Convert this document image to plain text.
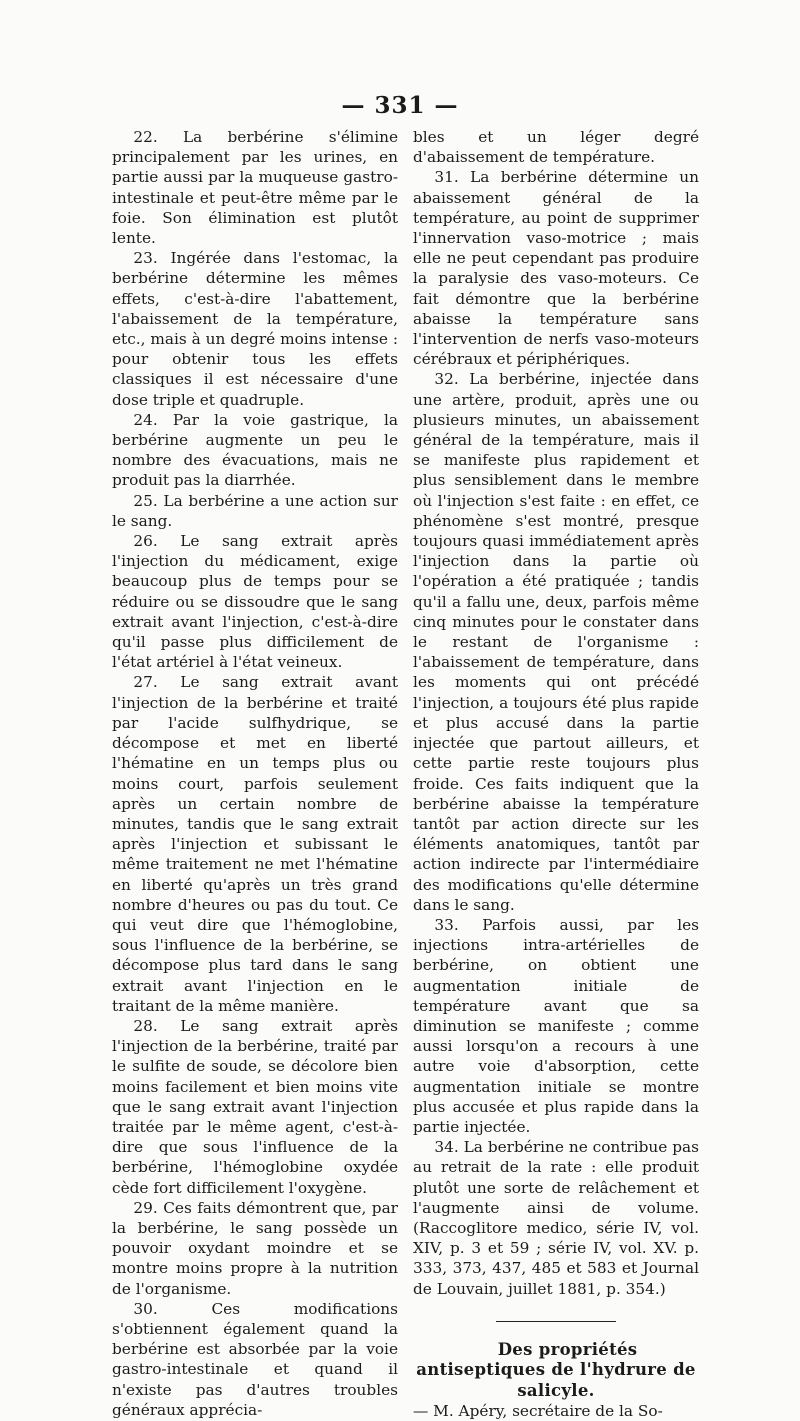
— 331 —

22. La berbérine s'élimine principalement par les urines, en partie aussi par la muqueuse gastro-intestinale et peut-être même par le foie. Son élimination est plutôt lente.

23. Ingérée dans l'estomac, la berbérine détermine les mêmes effets, c'est-à-dire l'abattement, l'abaissement de la température, etc., mais à un degré moins intense : pour obtenir tous les effets classiques il est nécessaire d'une dose triple et quadruple.

24. Par la voie gastrique, la berbérine augmente un peu le nombre des évacuations, mais ne produit pas la diarrhée.

25. La berbérine a une action sur le sang.

26. Le sang extrait après l'injection du médicament, exige beaucoup plus de temps pour se réduire ou se dissoudre que le sang extrait avant l'injection, c'est-à-dire qu'il passe plus difficilement de l'état artériel à l'état veineux.

27. Le sang extrait avant l'injection de la berbérine et traité par l'acide sulfhydrique, se décompose et met en liberté l'hématine en un temps plus ou moins court, parfois seulement après un certain nombre de minutes, tandis que le sang extrait après l'injection et subissant le même traitement ne met l'hématine en liberté qu'après un très grand nombre d'heures ou pas du tout. Ce qui veut dire que l'hémoglobine, sous l'influence de la berbérine, se décompose plus tard dans le sang extrait avant l'injection en le traitant de la même manière.

28. Le sang extrait après l'injection de la berbérine, traité par le sulfite de soude, se décolore bien moins facilement et bien moins vite que le sang extrait avant l'injection traitée par le même agent, c'est-à-dire que sous l'influence de la berbérine, l'hémoglobine oxydée cède fort difficilement l'oxygène.

29. Ces faits démontrent que, par la berbérine, le sang possède un pouvoir oxydant moindre et se montre moins propre à la nutrition de l'organisme.

30. Ces modifications s'obtiennent également quand la berbérine est absorbée par la voie gastro-intestinale et quand il n'existe pas d'autres troubles généraux apprécia-

bles et un léger degré d'abaissement de température.

31. La berbérine détermine un abaissement général de la température, au point de supprimer l'innervation vaso-motrice ; mais elle ne peut cependant pas produire la paralysie des vaso-moteurs. Ce fait démontre que la berbérine abaisse la température sans l'intervention de nerfs vaso-moteurs cérébraux et périphériques.

32. La berbérine, injectée dans une artère, produit, après une ou plusieurs minutes, un abaissement général de la température, mais il se manifeste plus rapidement et plus sensiblement dans le membre où l'injection s'est faite : en effet, ce phénomène s'est montré, presque toujours quasi immédiatement après l'injection dans la partie où l'opération a été pratiquée ; tandis qu'il a fallu une, deux, parfois même cinq minutes pour le constater dans le restant de l'organisme : l'abaissement de température, dans les moments qui ont précédé l'injection, a toujours été plus rapide et plus accusé dans la partie injectée que partout ailleurs, et cette partie reste toujours plus froide. Ces faits indiquent que la berbérine abaisse la température tantôt par action directe sur les éléments anatomiques, tantôt par action indirecte par l'intermédiaire des modifications qu'elle détermine dans le sang.

33. Parfois aussi, par les injections intra-artérielles de berbérine, on obtient une augmentation initiale de température avant que sa diminution se manifeste ; comme aussi lorsqu'on a recours à une autre voie d'absorption, cette augmentation initiale se montre plus accusée et plus rapide dans la partie injectée.

34. La berbérine ne contribue pas au retrait de la rate : elle produit plutôt une sorte de relâchement et l'augmente ainsi de volume. (Raccoglitore medico, série IV, vol. XIV, p. 3 et 59 ; série IV, vol. XV. p. 333, 373, 437, 485 et 583 et Journal de Louvain, juillet 1881, p. 354.)

Des propriétés antiseptiques de l'hydrure de salicyle.

— M. Apéry, secrétaire de la So-
